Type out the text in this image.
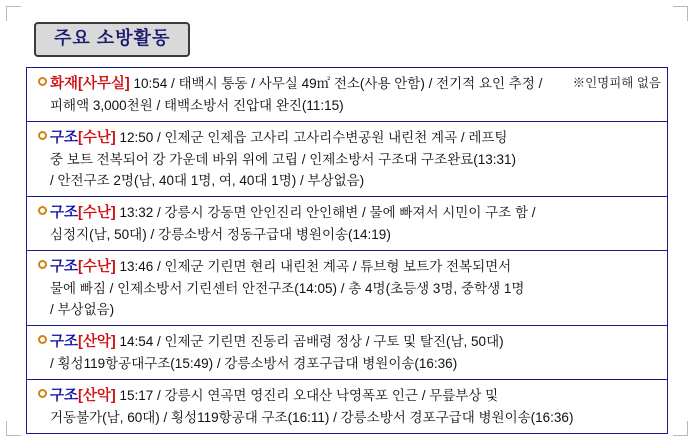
주요 소방활동
※인명피해 없음
화재[사무실] 10:54 / 태백시 통동 / 사무실 49㎡ 전소(사용 안함) / 전기적 요인 추정 /
피해액 3,000천원 / 태백소방서 진압대 완진(11:15)
구조[수난] 12:50 / 인제군 인제읍 고사리 고사리수변공원 내린천 계곡 / 레프팅
중 보트 전복되어 강 가운데 바위 위에 고립 / 인제소방서 구조대 구조완료(13:31)
/ 안전구조 2명(남, 40대 1명, 여, 40대 1명) / 부상없음)
구조[수난] 13:32 / 강릉시 강동면 안인진리 안인해변 / 물에 빠져서 시민이 구조 함 /
심정지(남, 50대) / 강릉소방서 정동구급대 병원이송(14:19)
구조[수난] 13:46 / 인제군 기린면 현리 내린천 계곡 / 튜브형 보트가 전복되면서
물에 빠짐 / 인제소방서 기린센터 안전구조(14:05) / 총 4명(초등생 3명, 중학생 1명
/ 부상없음)
구조[산악] 14:54 / 인제군 기린면 진동리 곰배령 정상 / 구토 및 탈진(남, 50대)
/ 횡성119항공대구조(15:49) / 강릉소방서 경포구급대 병원이송(16:36)
구조[산악] 15:17 / 강릉시 연곡면 영진리 오대산 낙영폭포 인근 / 무릎부상 및
거동불가(남, 60대) / 횡성119항공대 구조(16:11) / 강릉소방서 경포구급대 병원이송(16:36)
